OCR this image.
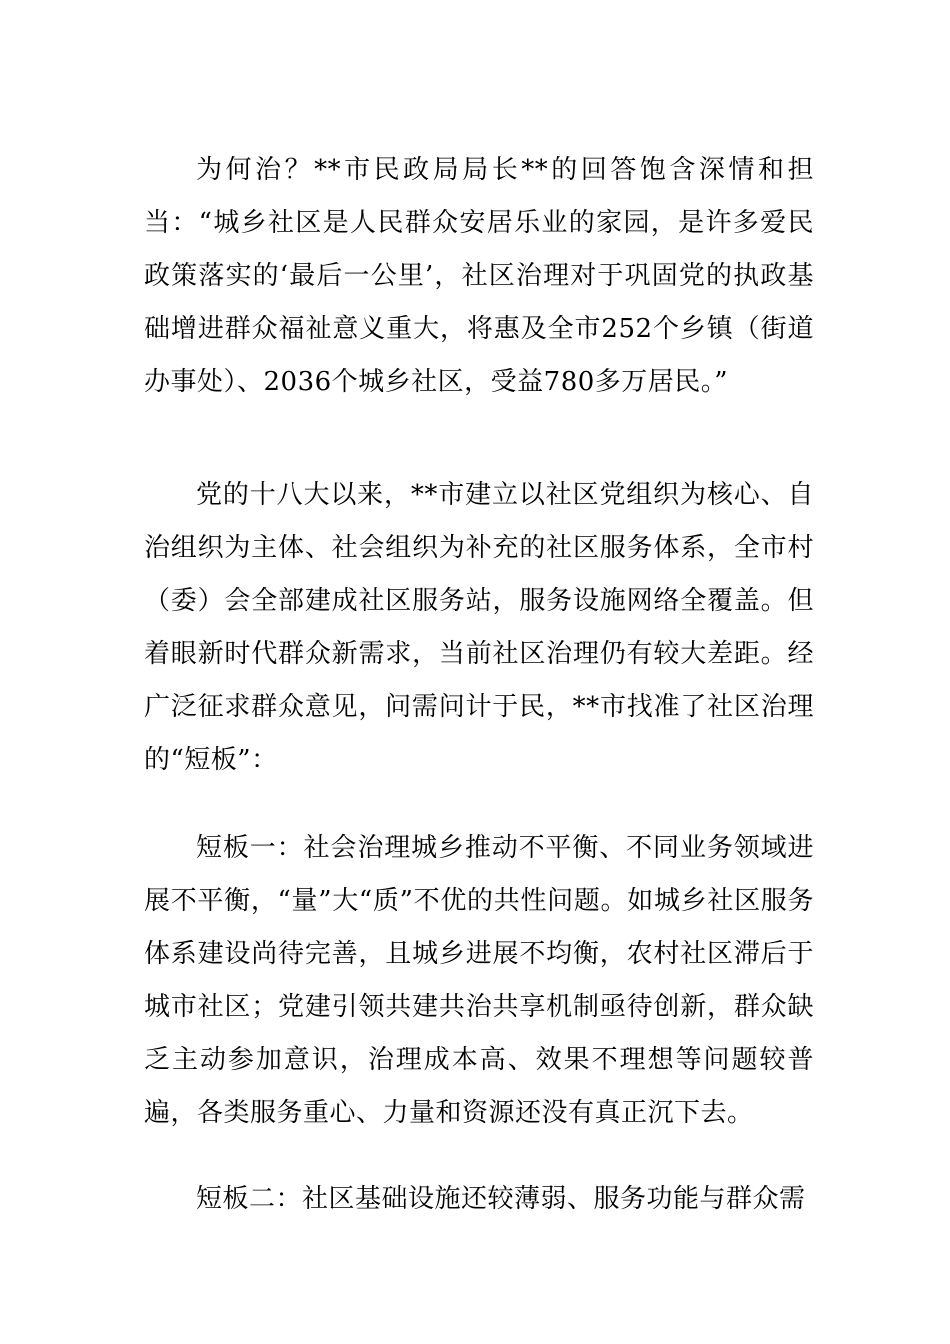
为何治？**市民政局局长**的回答饱含深情和担当：“城乡社区是人民群众安居乐业的家园，是许多爱民政策落实的‘最后一公里’，社区治理对于巩固党的执政基础增进群众福祉意义重大，将惠及全市252个乡镇（街道办事处）、2036个城乡社区，受益780多万居民。”

党的十八大以来，**市建立以社区党组织为核心、自治组织为主体、社会组织为补充的社区服务体系，全市村（委）会全部建成社区服务站，服务设施网络全覆盖。但着眼新时代群众新需求，当前社区治理仍有较大差距。经广泛征求群众意见，问需问计于民，**市找准了社区治理的“短板”：

短板一：社会治理城乡推动不平衡、不同业务领域进展不平衡，“量”大“质”不优的共性问题。如城乡社区服务体系建设尚待完善，且城乡进展不均衡，农村社区滞后于城市社区；党建引领共建共治共享机制亟待创新，群众缺乏主动参加意识，治理成本高、效果不理想等问题较普遍，各类服务重心、力量和资源还没有真正沉下去。

短板二：社区基础设施还较薄弱、服务功能与群众需
